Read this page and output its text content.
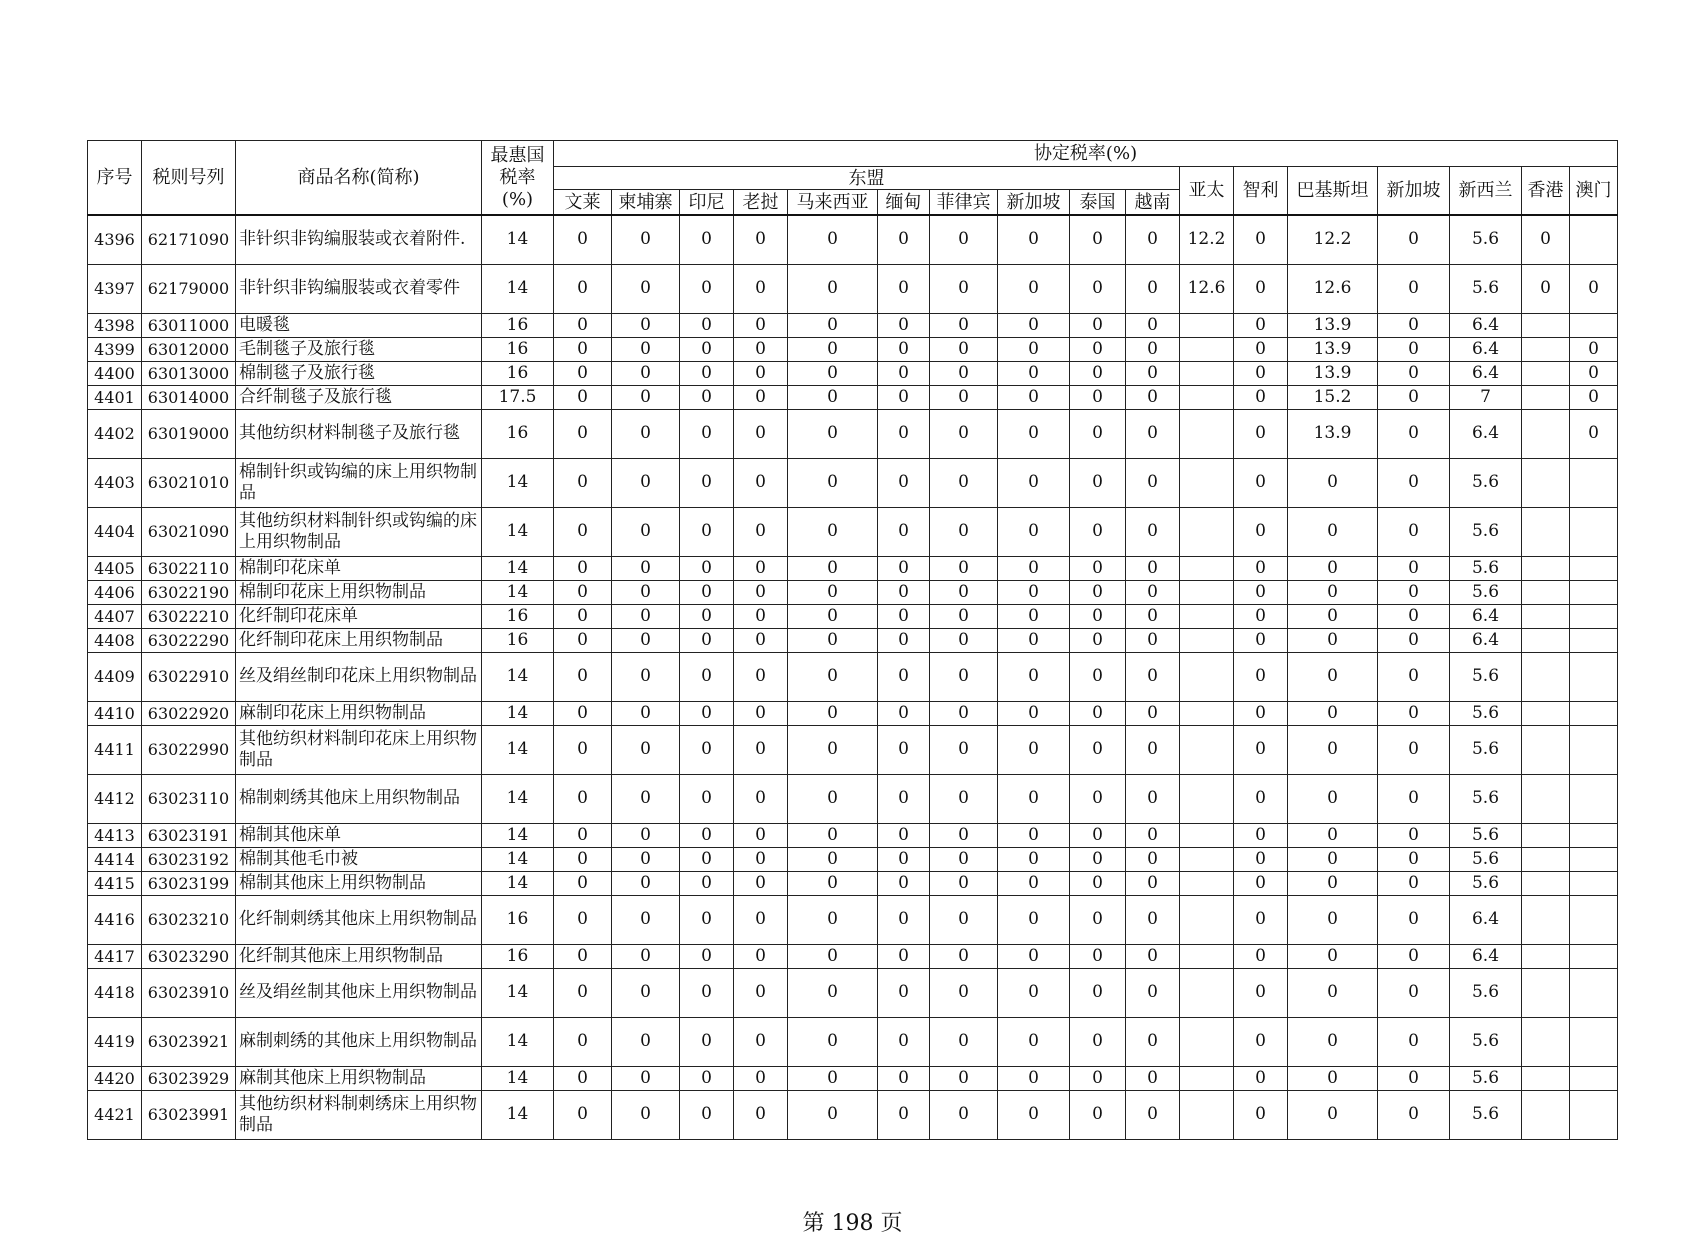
序号	税则号列	商品名称(简称)	最惠国
税率
(%)	协定税率(%)																
				东盟										亚太	智利	巴基斯坦	新加坡	新西兰	香港	澳门
				文莱	柬埔寨	印尼	老挝	马来西亚	缅甸	菲律宾	新加坡	泰国	越南							
4396	62171090	非针织非钩编服装或衣着附件.	14	0	0	0	0	0	0	0	0	0	0	12.2	0	12.2	0	5.6	0	
4397	62179000	非针织非钩编服装或衣着零件	14	0	0	0	0	0	0	0	0	0	0	12.6	0	12.6	0	5.6	0	0
4398	63011000	电暖毯	16	0	0	0	0	0	0	0	0	0	0		0	13.9	0	6.4		
4399	63012000	毛制毯子及旅行毯	16	0	0	0	0	0	0	0	0	0	0		0	13.9	0	6.4		0
4400	63013000	棉制毯子及旅行毯	16	0	0	0	0	0	0	0	0	0	0		0	13.9	0	6.4		0
4401	63014000	合纤制毯子及旅行毯	17.5	0	0	0	0	0	0	0	0	0	0		0	15.2	0	7		0
4402	63019000	其他纺织材料制毯子及旅行毯	16	0	0	0	0	0	0	0	0	0	0		0	13.9	0	6.4		0
4403	63021010	棉制针织或钩编的床上用织物制品	14	0	0	0	0	0	0	0	0	0	0		0	0	0	5.6		
4404	63021090	其他纺织材料制针织或钩编的床上用织物制品	14	0	0	0	0	0	0	0	0	0	0		0	0	0	5.6		
4405	63022110	棉制印花床单	14	0	0	0	0	0	0	0	0	0	0		0	0	0	5.6		
4406	63022190	棉制印花床上用织物制品	14	0	0	0	0	0	0	0	0	0	0		0	0	0	5.6		
4407	63022210	化纤制印花床单	16	0	0	0	0	0	0	0	0	0	0		0	0	0	6.4		
4408	63022290	化纤制印花床上用织物制品	16	0	0	0	0	0	0	0	0	0	0		0	0	0	6.4		
4409	63022910	丝及绢丝制印花床上用织物制品	14	0	0	0	0	0	0	0	0	0	0		0	0	0	5.6		
4410	63022920	麻制印花床上用织物制品	14	0	0	0	0	0	0	0	0	0	0		0	0	0	5.6		
4411	63022990	其他纺织材料制印花床上用织物制品	14	0	0	0	0	0	0	0	0	0	0		0	0	0	5.6		
4412	63023110	棉制刺绣其他床上用织物制品	14	0	0	0	0	0	0	0	0	0	0		0	0	0	5.6		
4413	63023191	棉制其他床单	14	0	0	0	0	0	0	0	0	0	0		0	0	0	5.6		
4414	63023192	棉制其他毛巾被	14	0	0	0	0	0	0	0	0	0	0		0	0	0	5.6		
4415	63023199	棉制其他床上用织物制品	14	0	0	0	0	0	0	0	0	0	0		0	0	0	5.6		
4416	63023210	化纤制刺绣其他床上用织物制品	16	0	0	0	0	0	0	0	0	0	0		0	0	0	6.4		
4417	63023290	化纤制其他床上用织物制品	16	0	0	0	0	0	0	0	0	0	0		0	0	0	6.4		
4418	63023910	丝及绢丝制其他床上用织物制品	14	0	0	0	0	0	0	0	0	0	0		0	0	0	5.6		
4419	63023921	麻制刺绣的其他床上用织物制品	14	0	0	0	0	0	0	0	0	0	0		0	0	0	5.6		
4420	63023929	麻制其他床上用织物制品	14	0	0	0	0	0	0	0	0	0	0		0	0	0	5.6		
4421	63023991	其他纺织材料制刺绣床上用织物制品	14	0	0	0	0	0	0	0	0	0	0		0	0	0	5.6		
第 198 页
